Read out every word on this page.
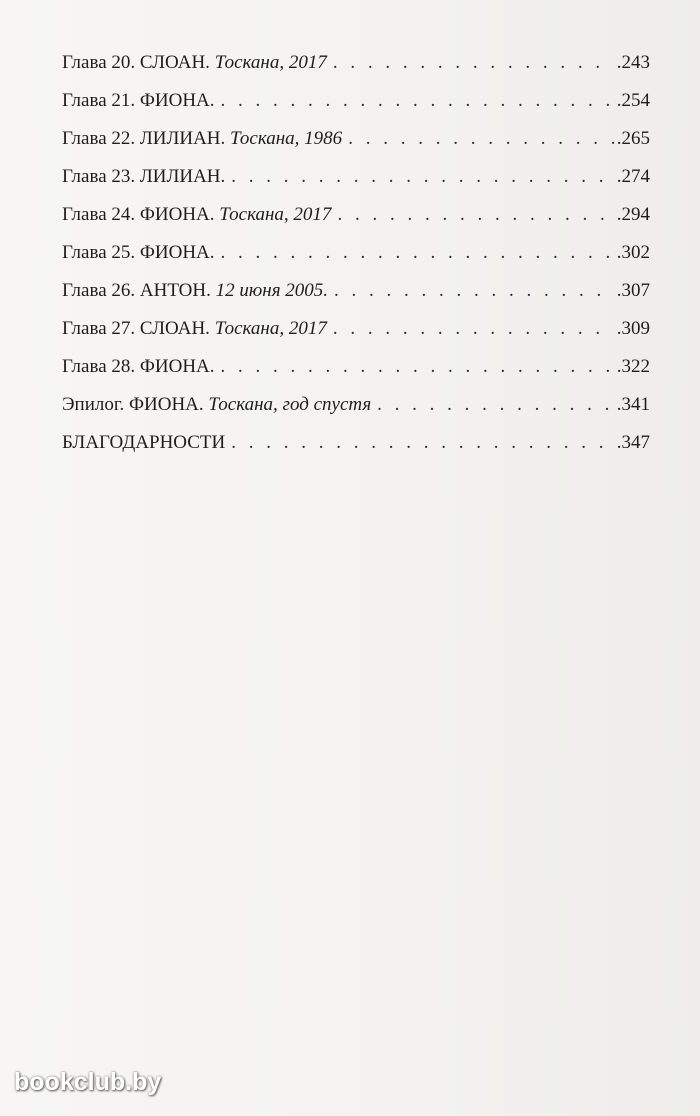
Глава 20. СЛОАН. Тоскана, 2017 . . .	.243
Глава 21. ФИОНА. . . .	.254
Глава 22. ЛИЛИАН. Тоскана, 1986 . . .	.265
Глава 23. ЛИЛИАН. . . .	.274
Глава 24. ФИОНА. Тоскана, 2017 . . .	.294
Глава 25. ФИОНА. . . .	.302
Глава 26. АНТОН. 12 июня 2005. . . .	.307
Глава 27. СЛОАН. Тоскана, 2017 . . .	.309
Глава 28. ФИОНА. . . .	.322
Эпилог. ФИОНА. Тоскана, год спустя . . .	.341
БЛАГОДАРНОСТИ . . .	.347
bookclub.by
